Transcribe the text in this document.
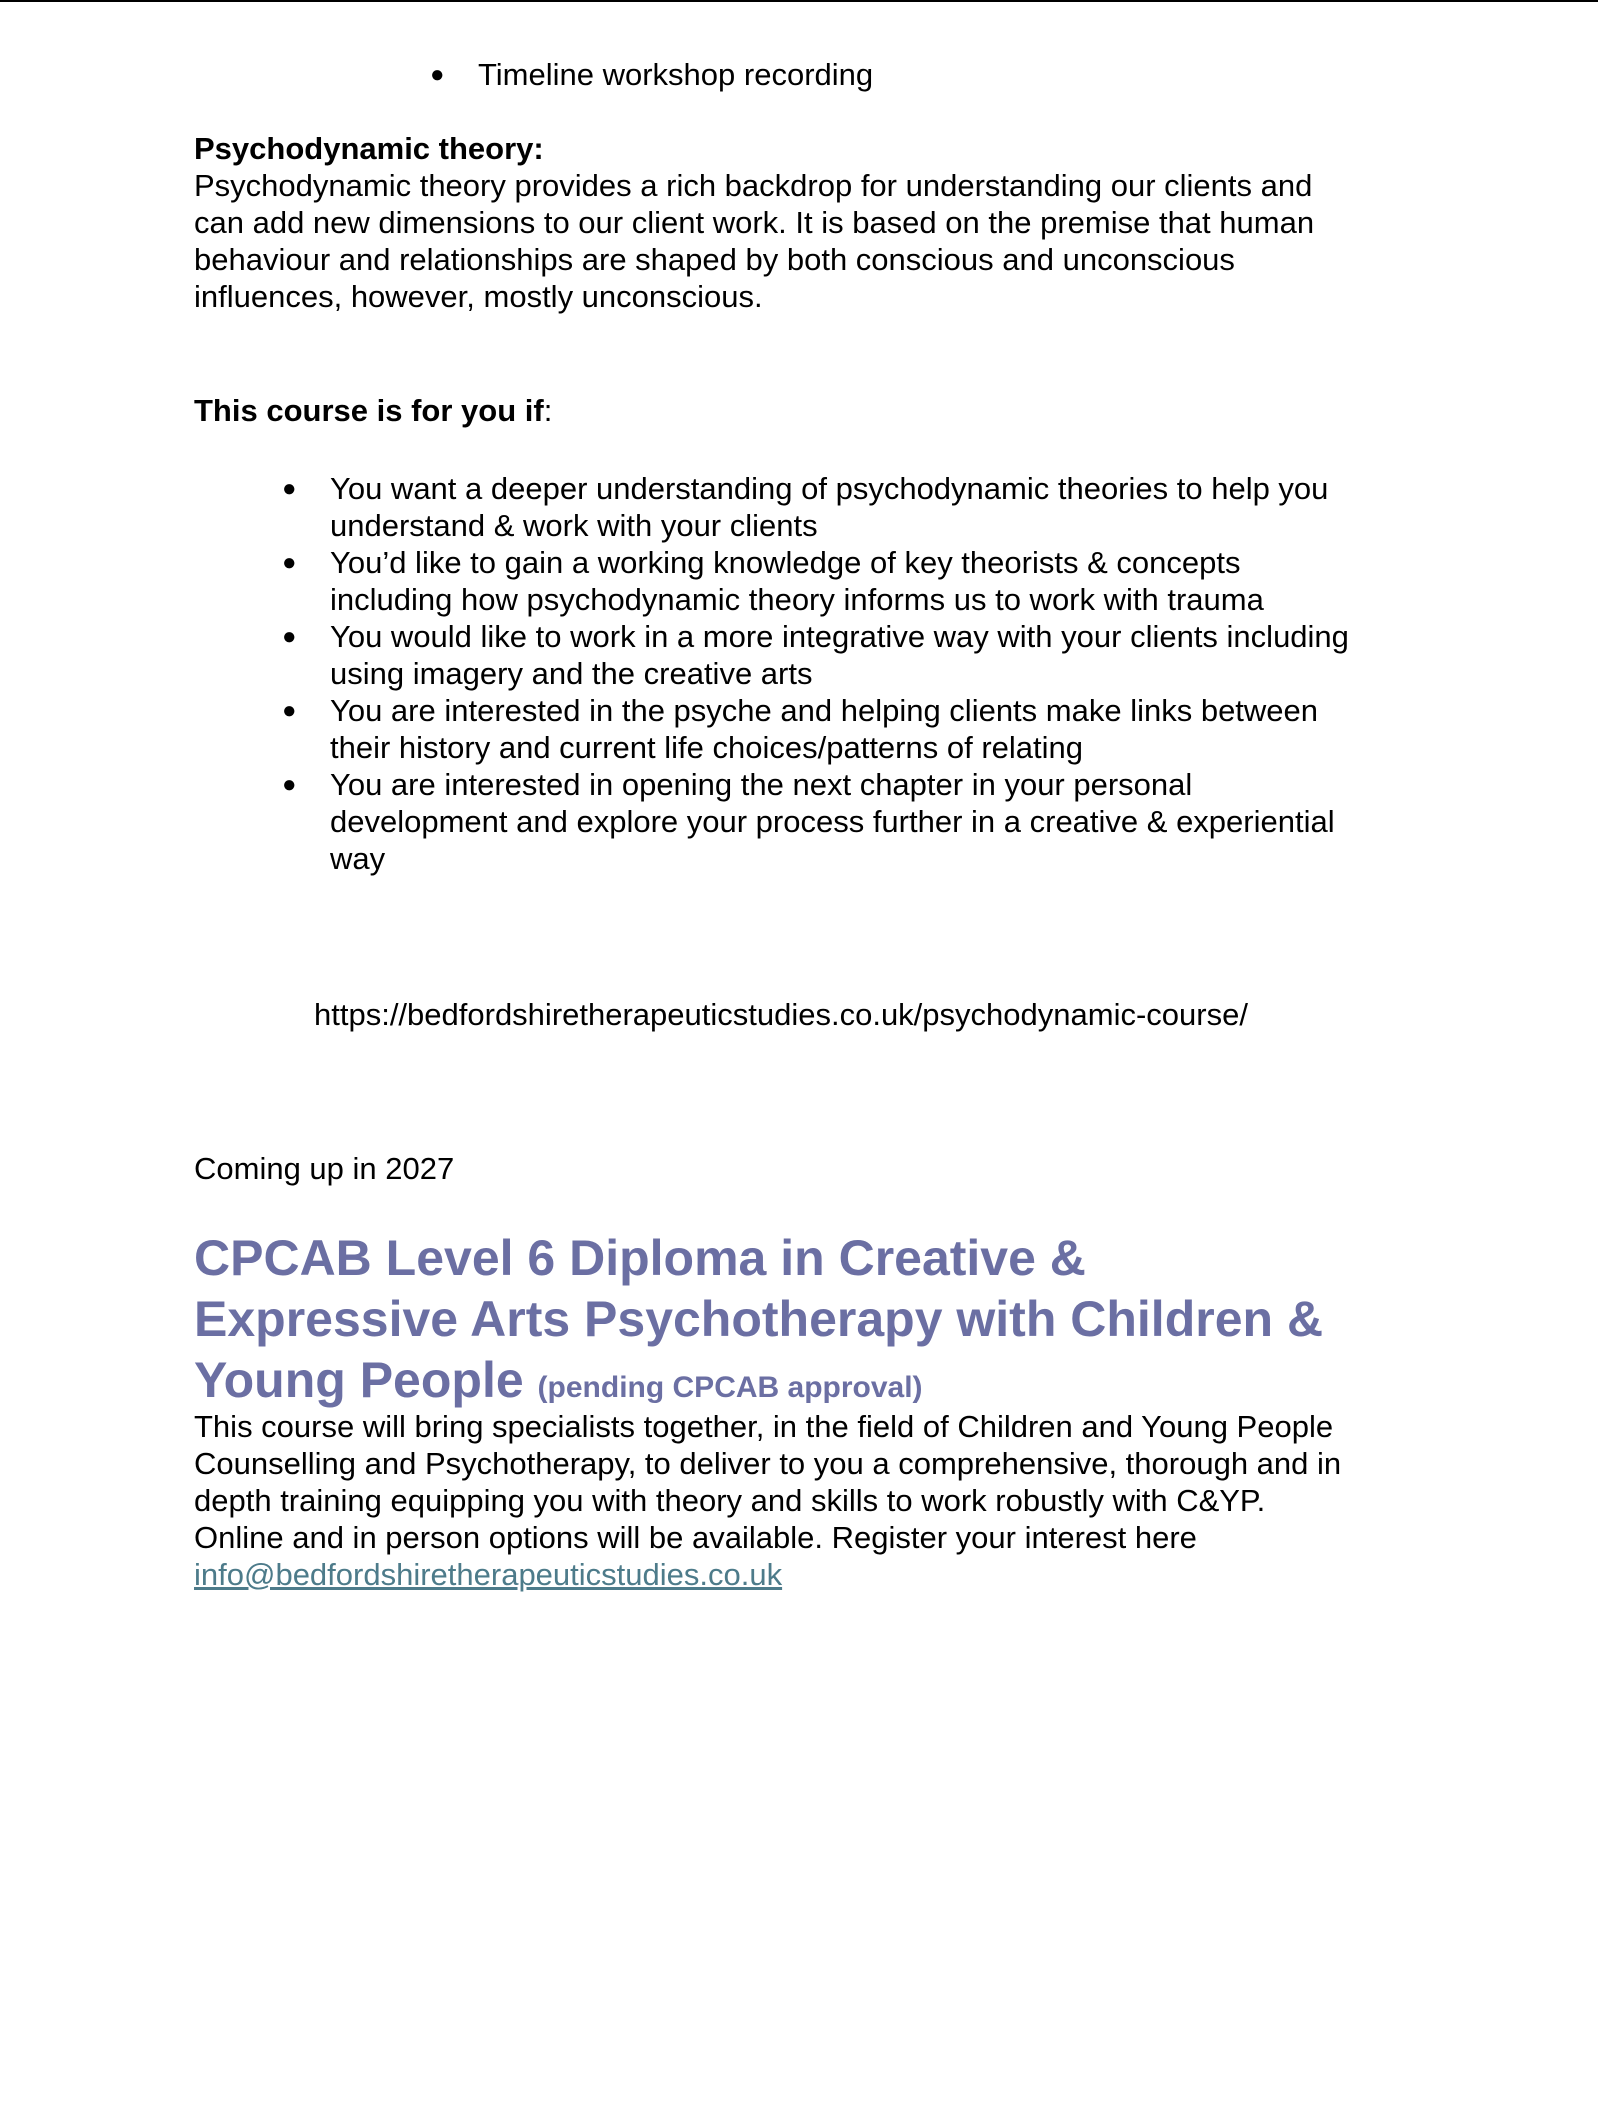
●	Timeline workshop recording
Psychodynamic theory:
Psychodynamic theory provides a rich backdrop for understanding our clients and
can add new dimensions to our client work. It is based on the premise that human
behaviour and relationships are shaped by both conscious and unconscious
influences, however, mostly unconscious.
This course is for you if:
●	You want a deeper understanding of psychodynamic theories to help you
understand & work with your clients
●	You’d like to gain a working knowledge of key theorists & concepts
including how psychodynamic theory informs us to work with trauma
●	You would like to work in a more integrative way with your clients including
using imagery and the creative arts
●	You are interested in the psyche and helping clients make links between
their history and current life choices/patterns of relating
●	You are interested in opening the next chapter in your personal
development and explore your process further in a creative & experiential
way
https://bedfordshiretherapeuticstudies.co.uk/psychodynamic-course/
Coming up in 2027
CPCAB Level 6 Diploma in Creative &
Expressive Arts Psychotherapy with Children &
Young People (pending CPCAB approval)
This course will bring specialists together, in the field of Children and Young People
Counselling and Psychotherapy, to deliver to you a comprehensive, thorough and in
depth training equipping you with theory and skills to work robustly with C&YP.
Online and in person options will be available. Register your interest here
info@bedfordshiretherapeuticstudies.co.uk
